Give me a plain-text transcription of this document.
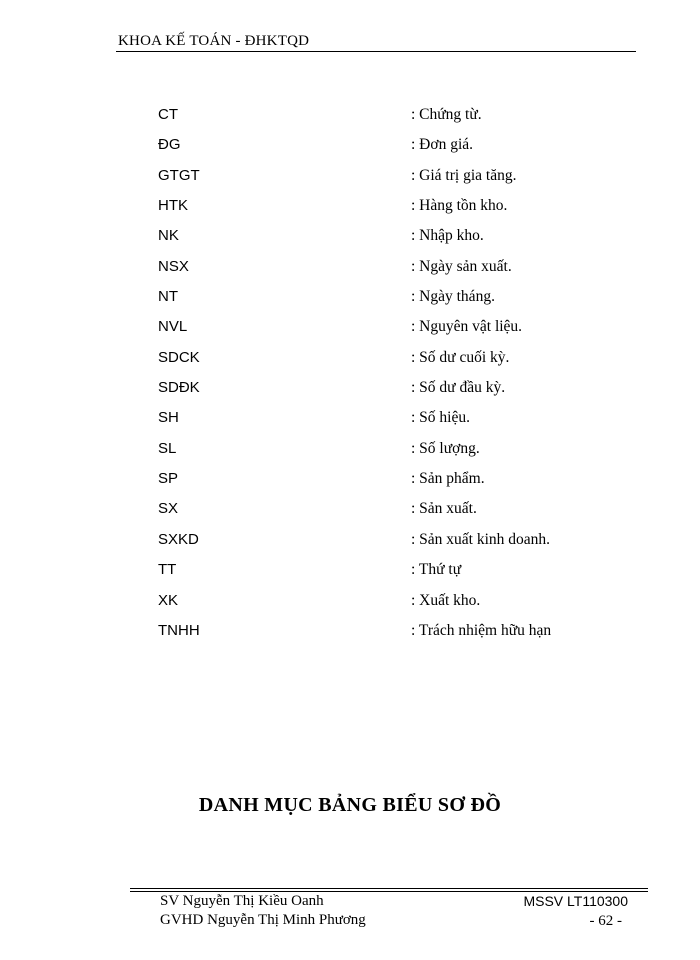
KHOA KẾ TOÁN - ĐHKTQD
CT	: Chứng từ.
ĐG	: Đơn giá.
GTGT	: Giá trị gia tăng.
HTK	: Hàng tồn kho.
NK	: Nhập kho.
NSX	: Ngày sản xuất.
NT	: Ngày tháng.
NVL	: Nguyên vật liệu.
SDCK	: Số dư cuối kỳ.
SDĐK	: Số dư đầu kỳ.
SH	: Số hiệu.
SL	: Số lượng.
SP	: Sản phẩm.
SX	: Sản xuất.
SXKD	: Sản xuất kinh doanh.
TT	: Thứ tự
XK	: Xuất kho.
TNHH	: Trách nhiệm hữu hạn
DANH MỤC BẢNG BIỂU SƠ ĐỒ
SV Nguyễn Thị Kiều Oanh
GVHD Nguyễn Thị Minh Phương
MSSV LT110300
- 62 -
